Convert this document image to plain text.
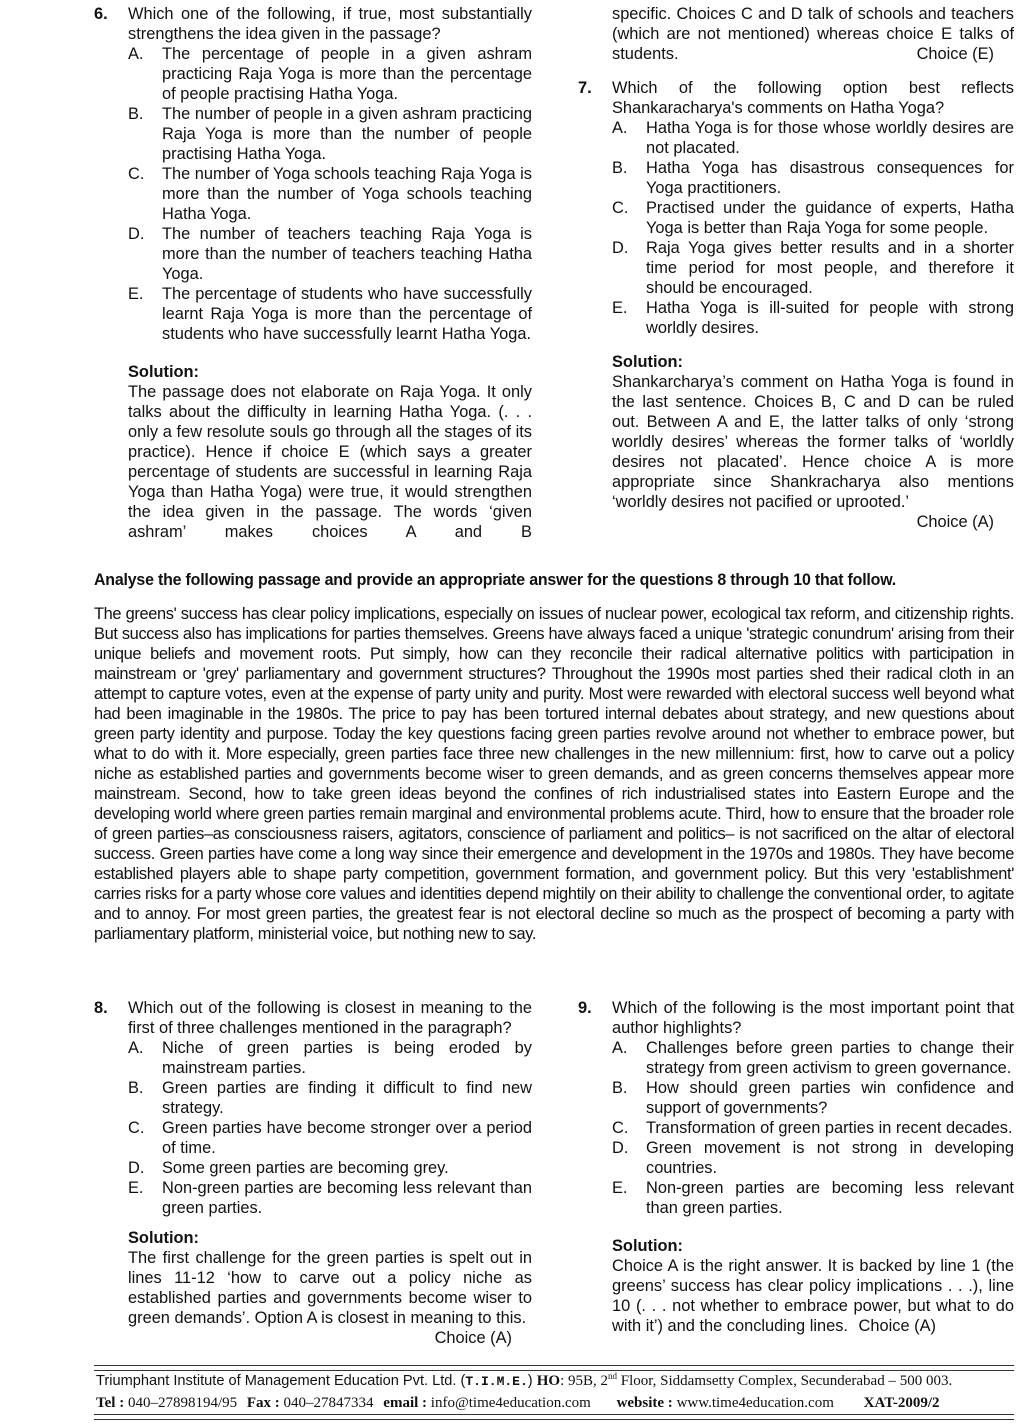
6. Which one of the following, if true, most substantially strengthens the idea given in the passage?
A. The percentage of people in a given ashram practicing Raja Yoga is more than the percentage of people practising Hatha Yoga.
B. The number of people in a given ashram practicing Raja Yoga is more than the number of people practising Hatha Yoga.
C. The number of Yoga schools teaching Raja Yoga is more than the number of Yoga schools teaching Hatha Yoga.
D. The number of teachers teaching Raja Yoga is more than the number of teachers teaching Hatha Yoga.
E. The percentage of students who have successfully learnt Raja Yoga is more than the percentage of students who have successfully learnt Hatha Yoga.
Solution:
The passage does not elaborate on Raja Yoga. It only talks about the difficulty in learning Hatha Yoga. (. . . only a few resolute souls go through all the stages of its practice). Hence if choice E (which says a greater percentage of students are successful in learning Raja Yoga than Hatha Yoga) were true, it would strengthen the idea given in the passage. The words ‘given ashram’ makes choices A and B
specific. Choices C and D talk of schools and teachers (which are not mentioned) whereas choice E talks of students.	Choice (E)
7. Which of the following option best reflects Shankaracharya's comments on Hatha Yoga?
A. Hatha Yoga is for those whose worldly desires are not placated.
B. Hatha Yoga has disastrous consequences for Yoga practitioners.
C. Practised under the guidance of experts, Hatha Yoga is better than Raja Yoga for some people.
D. Raja Yoga gives better results and in a shorter time period for most people, and therefore it should be encouraged.
E. Hatha Yoga is ill-suited for people with strong worldly desires.
Solution:
Shankarcharya’s comment on Hatha Yoga is found in the last sentence. Choices B, C and D can be ruled out. Between A and E, the latter talks of only ‘strong worldly desires’ whereas the former talks of ‘worldly desires not placated’. Hence choice A is more appropriate since Shankracharya also mentions ‘worldly desires not pacified or uprooted.’
Choice (A)
Analyse the following passage and provide an appropriate answer for the questions 8 through 10 that follow.
The greens' success has clear policy implications, especially on issues of nuclear power, ecological tax reform, and citizenship rights. But success also has implications for parties themselves. Greens have always faced a unique 'strategic conundrum' arising from their unique beliefs and movement roots. Put simply, how can they reconcile their radical alternative politics with participation in mainstream or 'grey' parliamentary and government structures? Throughout the 1990s most parties shed their radical cloth in an attempt to capture votes, even at the expense of party unity and purity. Most were rewarded with electoral success well beyond what had been imaginable in the 1980s. The price to pay has been tortured internal debates about strategy, and new questions about green party identity and purpose. Today the key questions facing green parties revolve around not whether to embrace power, but what to do with it. More especially, green parties face three new challenges in the new millennium: first, how to carve out a policy niche as established parties and governments become wiser to green demands, and as green concerns themselves appear more mainstream. Second, how to take green ideas beyond the confines of rich industrialised states into Eastern Europe and the developing world where green parties remain marginal and environmental problems acute. Third, how to ensure that the broader role of green parties–as consciousness raisers, agitators, conscience of parliament and politics– is not sacrificed on the altar of electoral success. Green parties have come a long way since their emergence and development in the 1970s and 1980s. They have become established players able to shape party competition, government formation, and government policy. But this very 'establishment' carries risks for a party whose core values and identities depend mightily on their ability to challenge the conventional order, to agitate and to annoy. For most green parties, the greatest fear is not electoral decline so much as the prospect of becoming a party with parliamentary platform, ministerial voice, but nothing new to say.
8. Which out of the following is closest in meaning to the first of three challenges mentioned in the paragraph?
A. Niche of green parties is being eroded by mainstream parties.
B. Green parties are finding it difficult to find new strategy.
C. Green parties have become stronger over a period of time.
D. Some green parties are becoming grey.
E. Non-green parties are becoming less relevant than green parties.
Solution:
The first challenge for the green parties is spelt out in lines 11-12 ‘how to carve out a policy niche as established parties and governments become wiser to green demands’. Option A is closest in meaning to this.
Choice (A)
9. Which of the following is the most important point that author highlights?
A. Challenges before green parties to change their strategy from green activism to green governance.
B. How should green parties win confidence and support of governments?
C. Transformation of green parties in recent decades.
D. Green movement is not strong in developing countries.
E. Non-green parties are becoming less relevant than green parties.
Solution:
Choice A is the right answer. It is backed by line 1 (the greens’ success has clear policy implications . . .), line 10 (. . . not whether to embrace power, but what to do with it’) and the concluding lines. Choice (A)
Triumphant Institute of Management Education Pvt. Ltd. (T.I.M.E.) HO: 95B, 2nd Floor, Siddamsetty Complex, Secunderabad – 500 003.
Tel : 040–27898194/95 Fax : 040–27847334 email : info@time4education.com website : www.time4education.com XAT-2009/2
